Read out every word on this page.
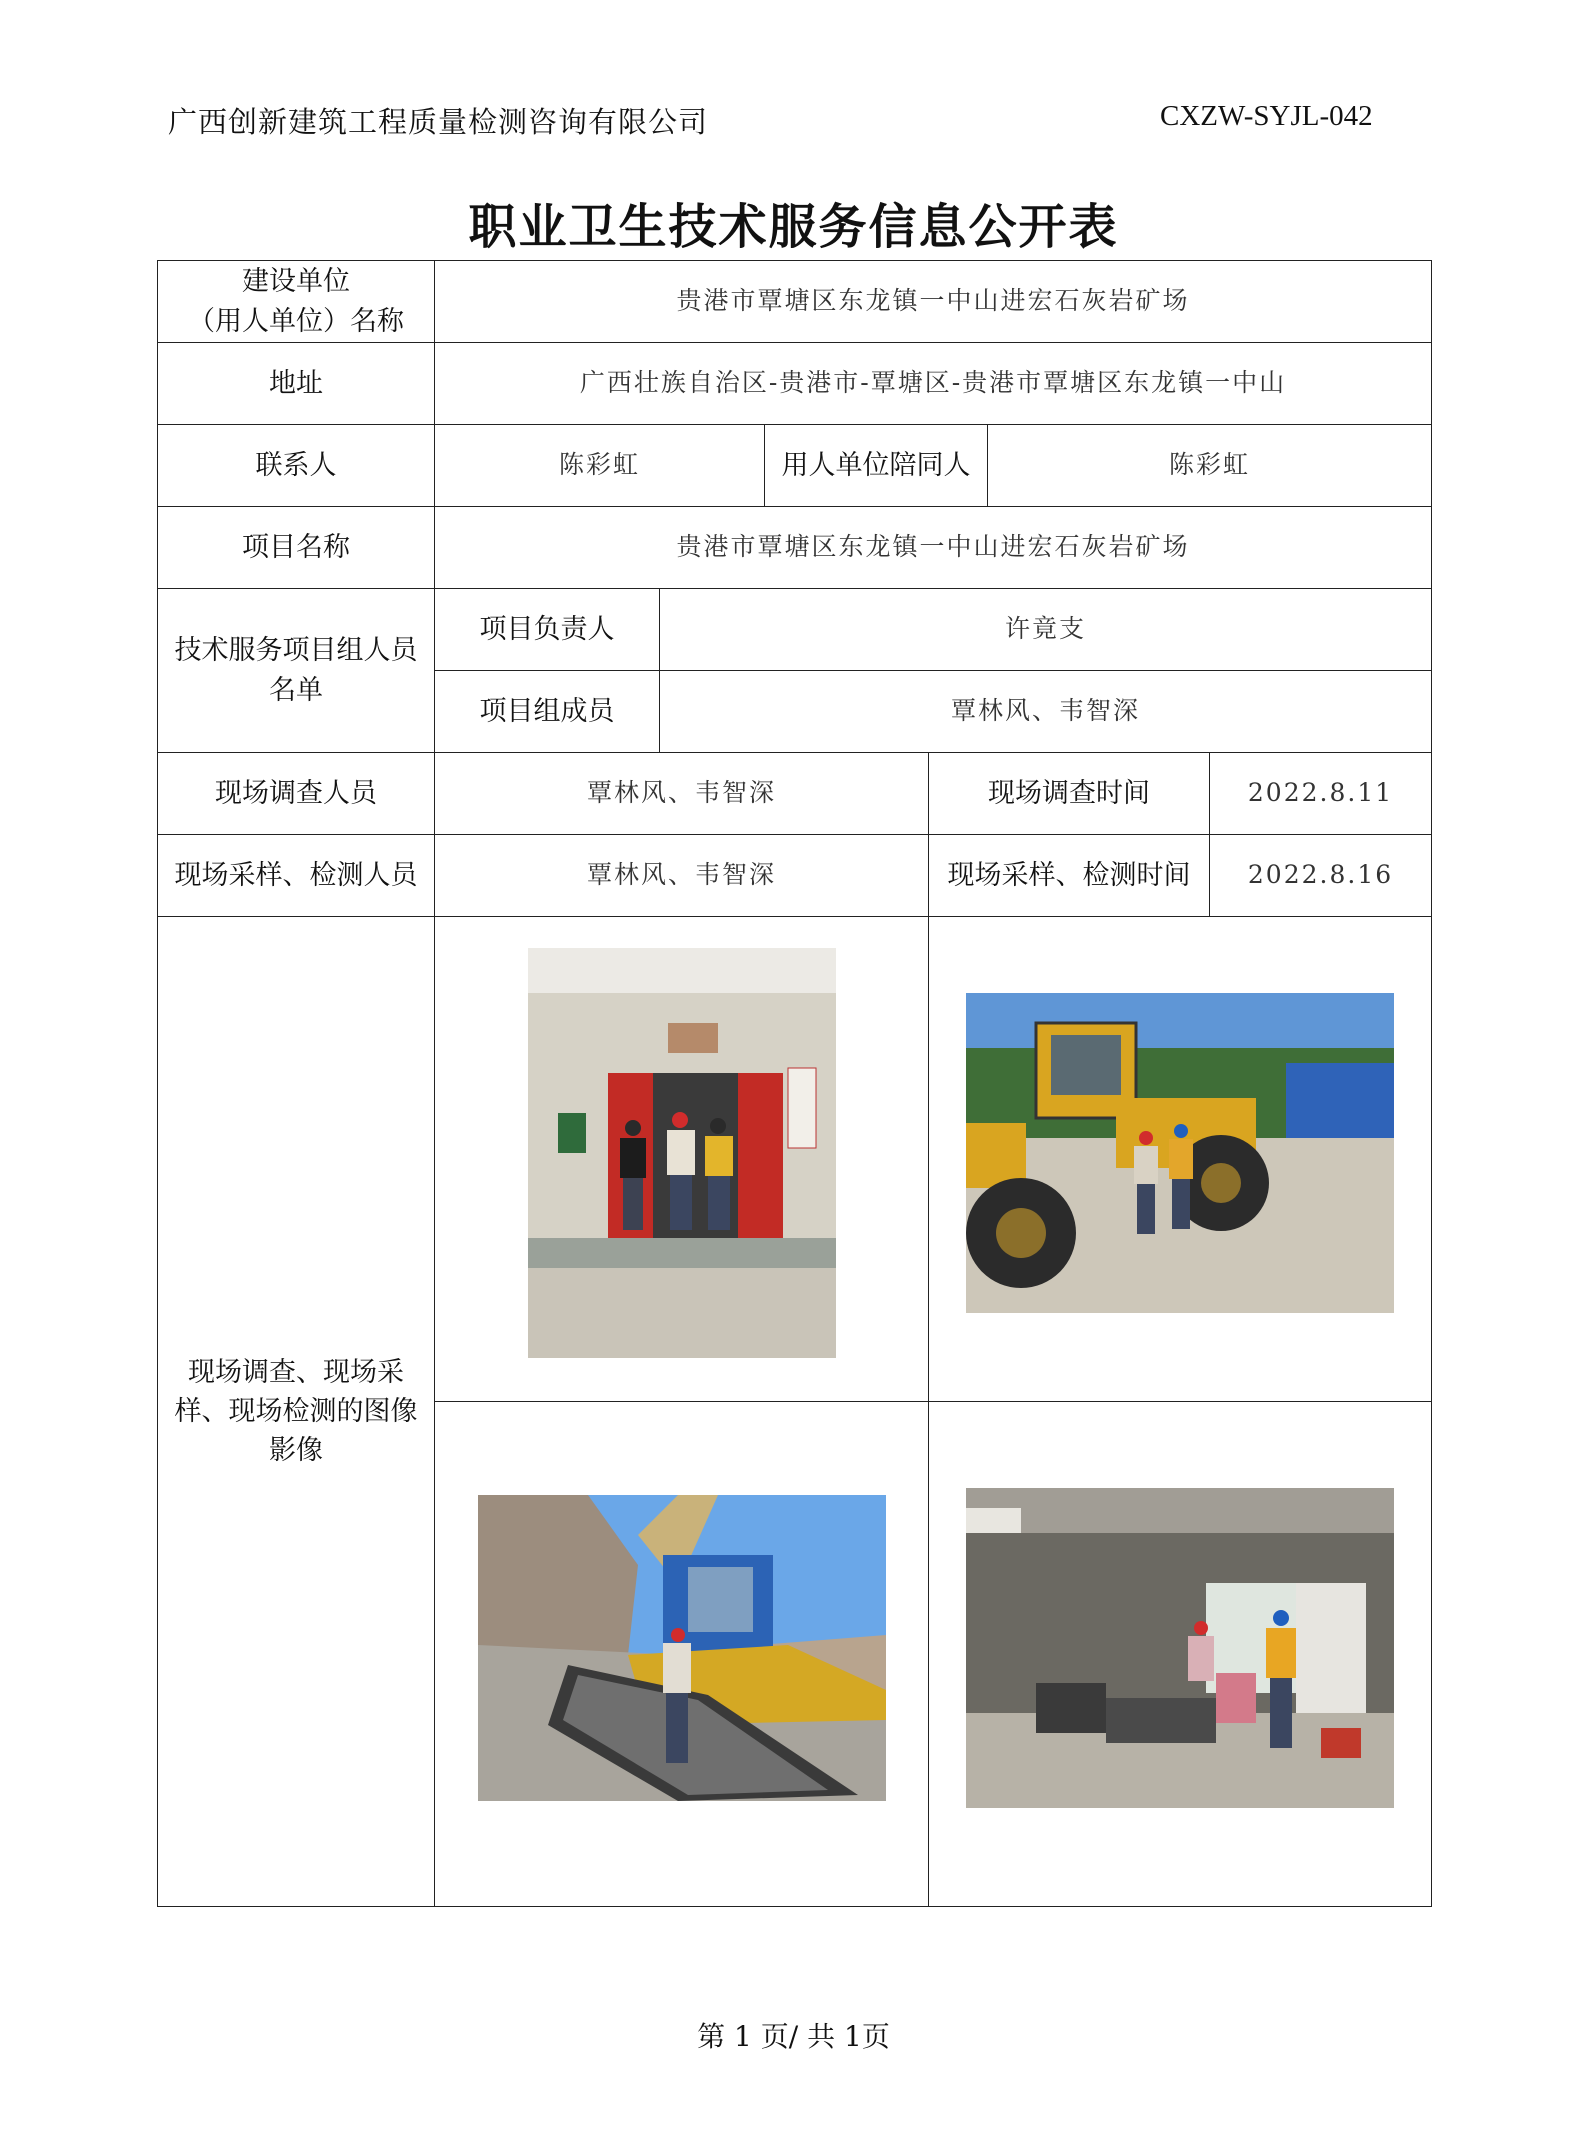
广西创新建筑工程质量检测咨询有限公司	CXZW-SYJL-042
职业卫生技术服务信息公开表
建设单位
（用人单位）名称	贵港市覃塘区东龙镇一中山进宏石灰岩矿场					
地址	广西壮族自治区-贵港市-覃塘区-贵港市覃塘区东龙镇一中山					
联系人	陈彩虹		用人单位陪同人		陈彩虹	
项目名称	贵港市覃塘区东龙镇一中山进宏石灰岩矿场					
技术服务项目组人员名单	项目负责人	许竟支				
	项目组成员	覃林风、韦智深				
现场调查人员	覃林风、韦智深			现场调查时间		2022.8.11
现场采样、检测人员	覃林风、韦智深			现场采样、检测时间		2022.8.16
现场调查、现场采样、现场检测的图像影像		

第 1 页/ 共 1页
